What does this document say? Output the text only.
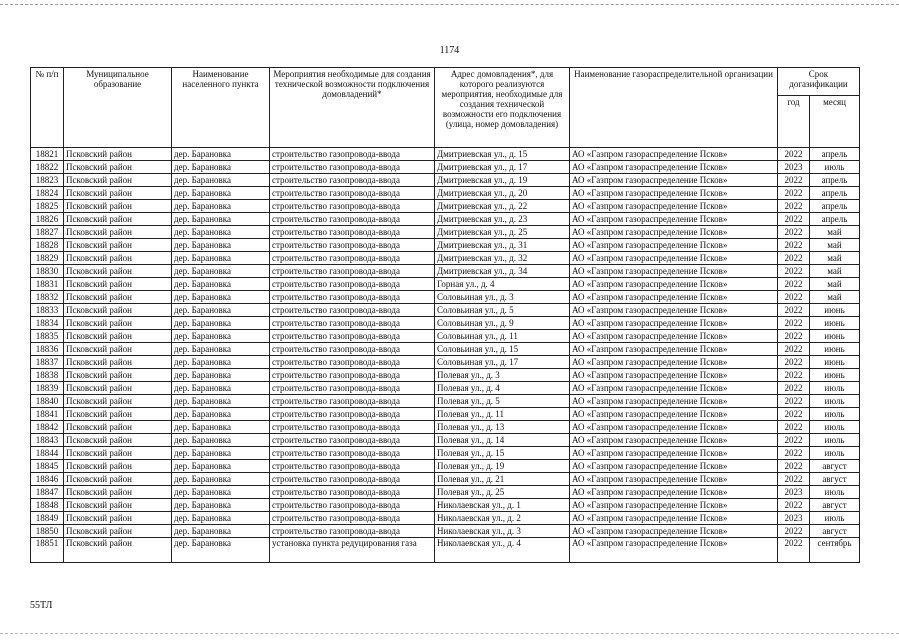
1174
№ п/п	Муниципальное образование	Наименование населенного пункта	Мероприятия необходимые для создания технической возможности подключения домовладений*	Адрес домовладения*, для которого реализуются мероприятия, необходимые для создания технической возможности его подключения (улица, номер домовладения)	Наименование газораспределительной организации	Срок догазификации	
						год	месяц
18821	Псковский район	дер. Барановка	строительство газопровода-ввода	Дмитриевская ул., д. 15	АО «Газпром газораспределение Псков»	2022	апрель
18822	Псковский район	дер. Барановка	строительство газопровода-ввода	Дмитриевская ул., д. 17	АО «Газпром газораспределение Псков»	2023	июль
18823	Псковский район	дер. Барановка	строительство газопровода-ввода	Дмитриевская ул., д. 19	АО «Газпром газораспределение Псков»	2022	апрель
18824	Псковский район	дер. Барановка	строительство газопровода-ввода	Дмитриевская ул., д. 20	АО «Газпром газораспределение Псков»	2022	апрель
18825	Псковский район	дер. Барановка	строительство газопровода-ввода	Дмитриевская ул., д. 22	АО «Газпром газораспределение Псков»	2022	апрель
18826	Псковский район	дер. Барановка	строительство газопровода-ввода	Дмитриевская ул., д. 23	АО «Газпром газораспределение Псков»	2022	апрель
18827	Псковский район	дер. Барановка	строительство газопровода-ввода	Дмитриевская ул., д. 25	АО «Газпром газораспределение Псков»	2022	май
18828	Псковский район	дер. Барановка	строительство газопровода-ввода	Дмитриевская ул., д. 31	АО «Газпром газораспределение Псков»	2022	май
18829	Псковский район	дер. Барановка	строительство газопровода-ввода	Дмитриевская ул., д. 32	АО «Газпром газораспределение Псков»	2022	май
18830	Псковский район	дер. Барановка	строительство газопровода-ввода	Дмитриевская ул., д. 34	АО «Газпром газораспределение Псков»	2022	май
18831	Псковский район	дер. Барановка	строительство газопровода-ввода	Горная ул., д. 4	АО «Газпром газораспределение Псков»	2022	май
18832	Псковский район	дер. Барановка	строительство газопровода-ввода	Соловьиная ул., д. 3	АО «Газпром газораспределение Псков»	2022	май
18833	Псковский район	дер. Барановка	строительство газопровода-ввода	Соловьиная ул., д. 5	АО «Газпром газораспределение Псков»	2022	июнь
18834	Псковский район	дер. Барановка	строительство газопровода-ввода	Соловьиная ул., д. 9	АО «Газпром газораспределение Псков»	2022	июнь
18835	Псковский район	дер. Барановка	строительство газопровода-ввода	Соловьиная ул., д. 11	АО «Газпром газораспределение Псков»	2022	июнь
18836	Псковский район	дер. Барановка	строительство газопровода-ввода	Соловьиная ул., д. 15	АО «Газпром газораспределение Псков»	2022	июнь
18837	Псковский район	дер. Барановка	строительство газопровода-ввода	Соловьиная ул., д. 17	АО «Газпром газораспределение Псков»	2022	июнь
18838	Псковский район	дер. Барановка	строительство газопровода-ввода	Полевая ул., д. 3	АО «Газпром газораспределение Псков»	2022	июнь
18839	Псковский район	дер. Барановка	строительство газопровода-ввода	Полевая ул., д. 4	АО «Газпром газораспределение Псков»	2022	июль
18840	Псковский район	дер. Барановка	строительство газопровода-ввода	Полевая ул., д. 5	АО «Газпром газораспределение Псков»	2022	июль
18841	Псковский район	дер. Барановка	строительство газопровода-ввода	Полевая ул., д. 11	АО «Газпром газораспределение Псков»	2022	июль
18842	Псковский район	дер. Барановка	строительство газопровода-ввода	Полевая ул., д. 13	АО «Газпром газораспределение Псков»	2022	июль
18843	Псковский район	дер. Барановка	строительство газопровода-ввода	Полевая ул., д. 14	АО «Газпром газораспределение Псков»	2022	июль
18844	Псковский район	дер. Барановка	строительство газопровода-ввода	Полевая ул., д. 15	АО «Газпром газораспределение Псков»	2022	июль
18845	Псковский район	дер. Барановка	строительство газопровода-ввода	Полевая ул., д. 19	АО «Газпром газораспределение Псков»	2022	август
18846	Псковский район	дер. Барановка	строительство газопровода-ввода	Полевая ул., д. 21	АО «Газпром газораспределение Псков»	2022	август
18847	Псковский район	дер. Барановка	строительство газопровода-ввода	Полевая ул., д. 25	АО «Газпром газораспределение Псков»	2023	июль
18848	Псковский район	дер. Барановка	строительство газопровода-ввода	Николаевская ул., д. 1	АО «Газпром газораспределение Псков»	2022	август
18849	Псковский район	дер. Барановка	строительство газопровода-ввода	Николаевская ул., д. 2	АО «Газпром газораспределение Псков»	2023	июль
18850	Псковский район	дер. Барановка	строительство газопровода-ввода	Николаевская ул., д. 3	АО «Газпром газораспределение Псков»	2022	август
18851	Псковский район	дер. Барановка	установка пункта редуцирования газа	Николаевская ул., д. 4	АО «Газпром газораспределение Псков»	2022	сентябрь
55ТЛ
